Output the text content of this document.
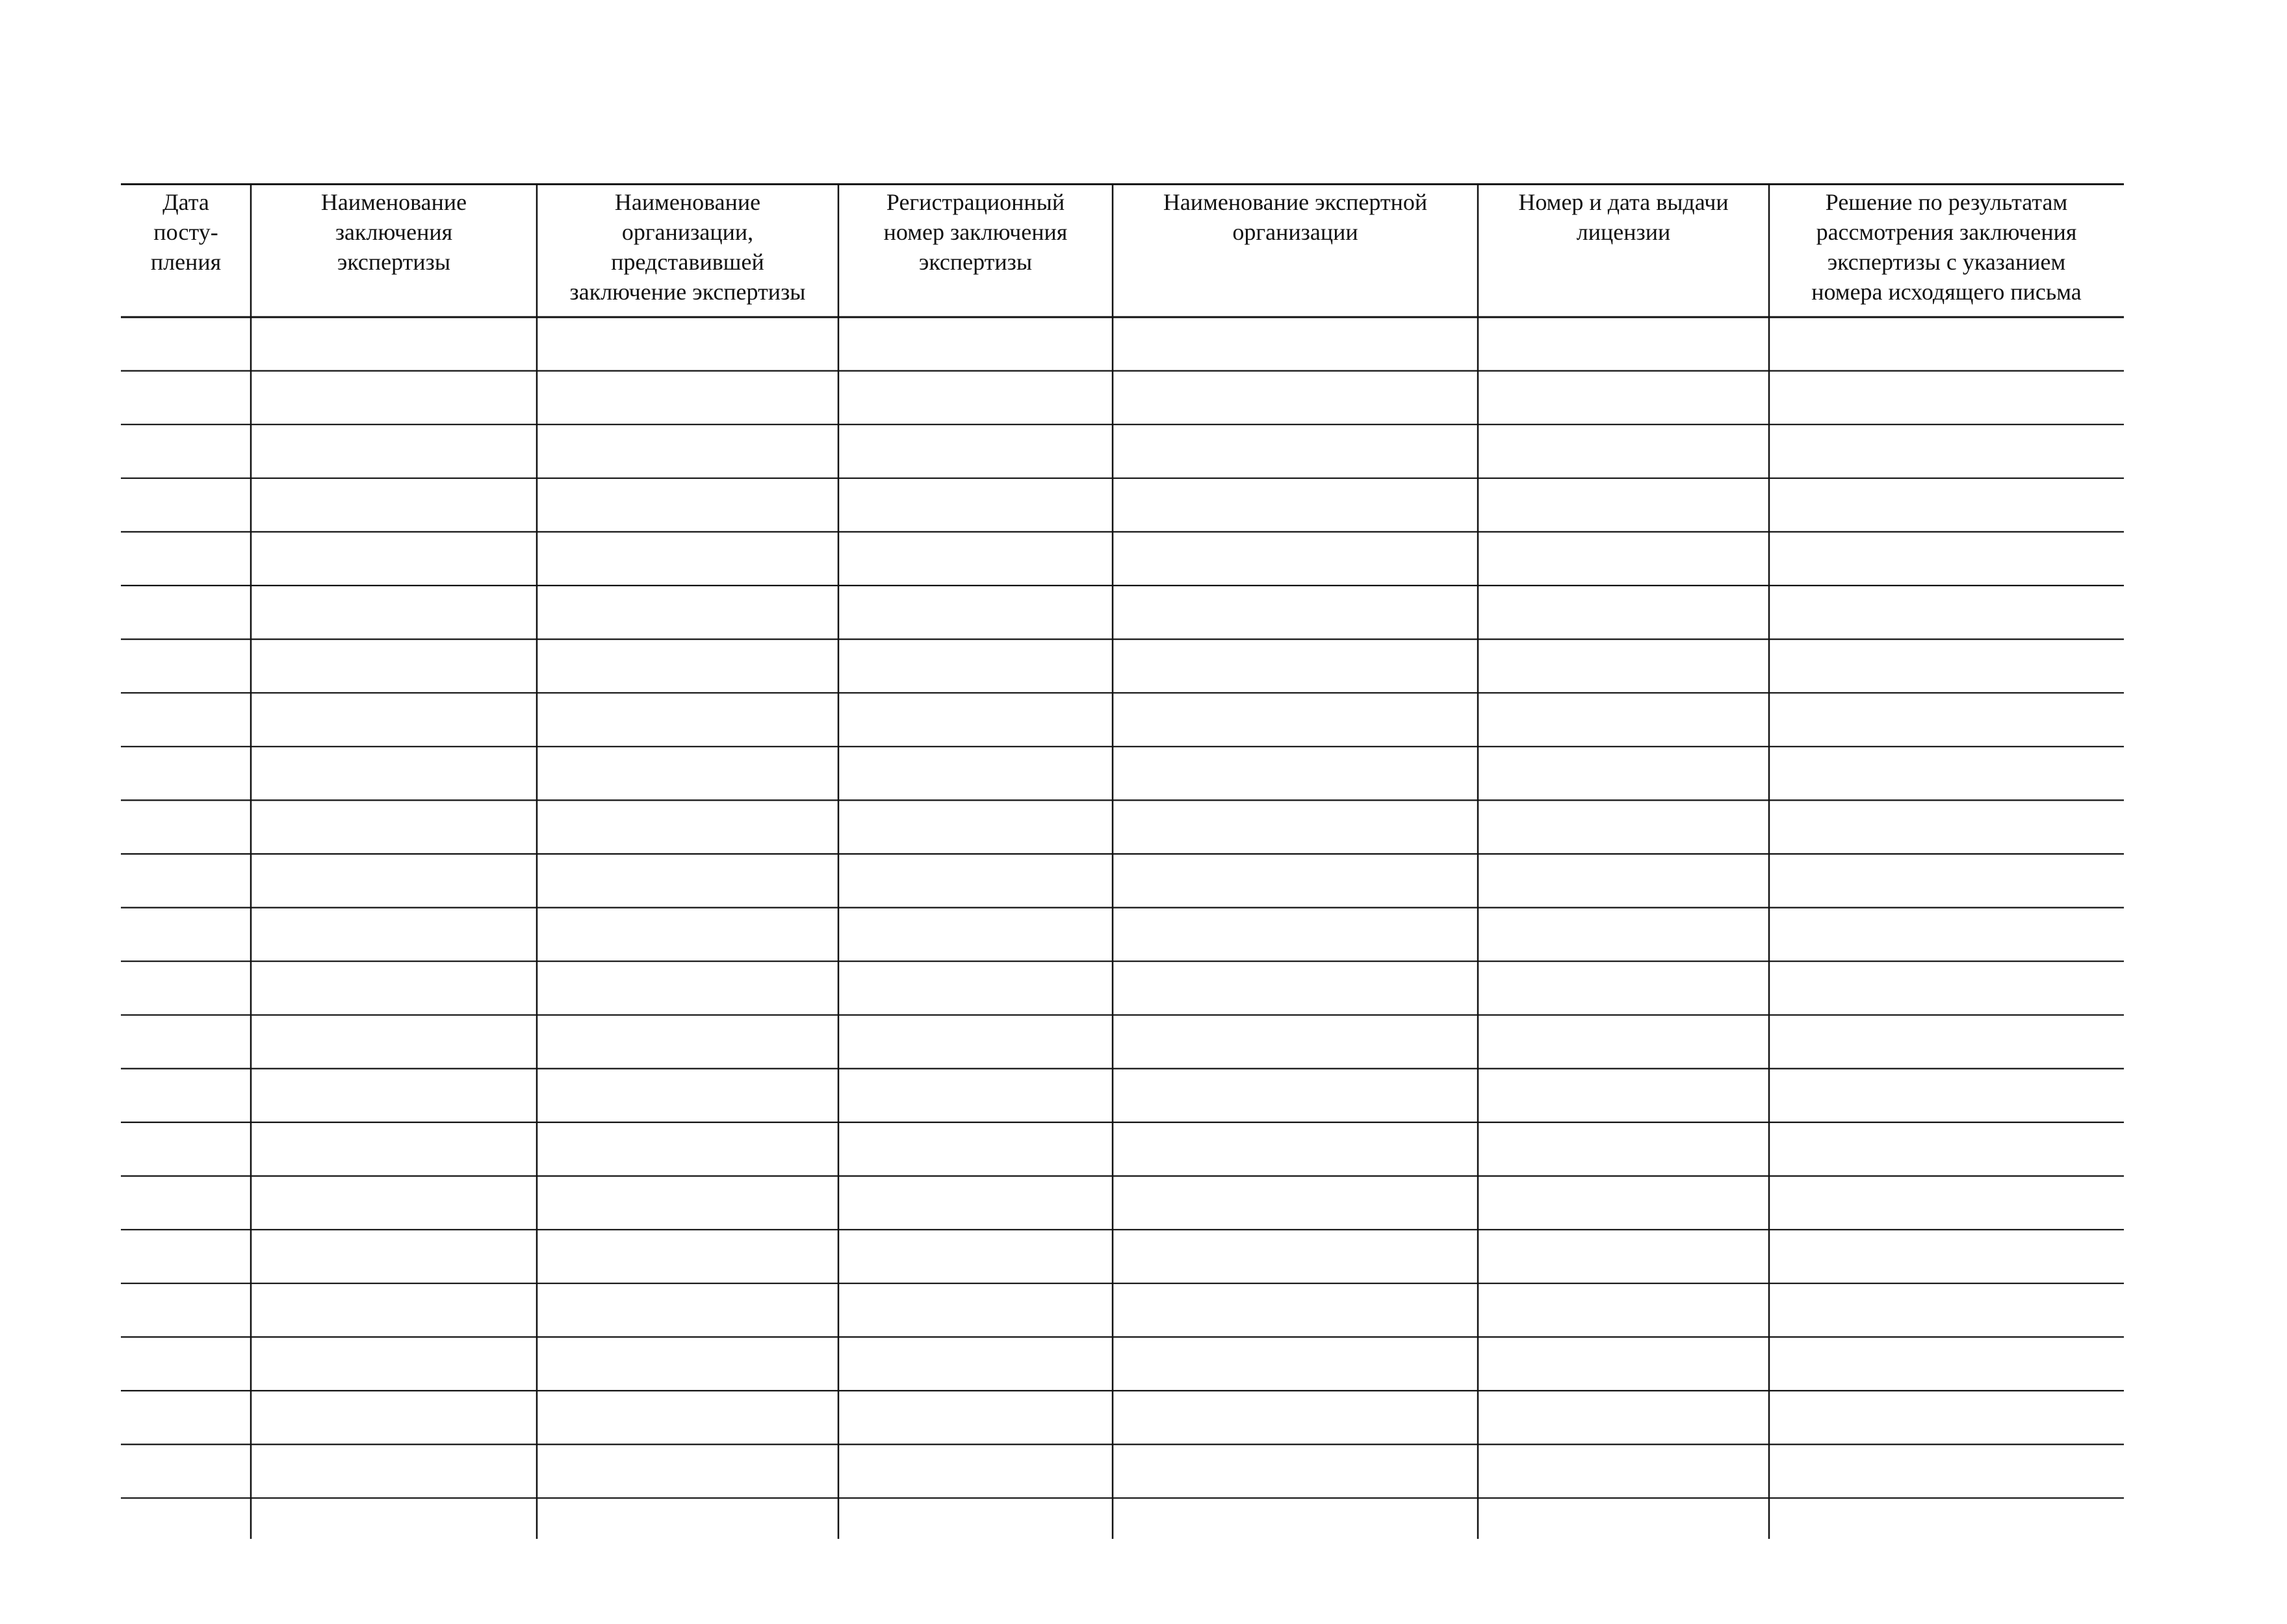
Дата
посту-
пления
Наименование
заключения
экспертизы
Наименование
организации,
представившей
заключение экспертизы
Регистрационный
номер заключения
экспертизы
Наименование экспертной
организации
Номер и дата выдачи
лицензии
Решение по результатам
рассмотрения заключения
экспертизы с указанием
номера исходящего письма
